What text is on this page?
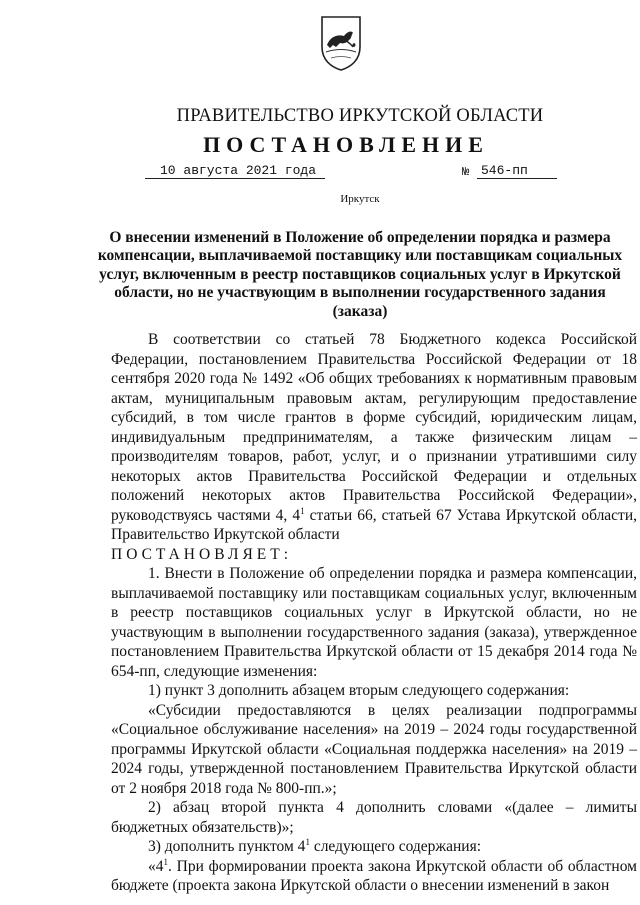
ПРАВИТЕЛЬСТВО ИРКУТСКОЙ ОБЛАСТИ
ПОСТАНОВЛЕНИЕ
10 августа 2021 года	№ 546-пп
Иркутск

О внесении изменений в Положение об определении порядка и размера компенсации, выплачиваемой поставщику или поставщикам социальных услуг, включенным в реестр поставщиков социальных услуг в Иркутской области, но не участвующим в выполнении государственного задания (заказа)

В соответствии со статьей 78 Бюджетного кодекса Российской Федерации, постановлением Правительства Российской Федерации от 18 сентября 2020 года № 1492 «Об общих требованиях к нормативным правовым актам, муниципальным правовым актам, регулирующим предоставление субсидий, в том числе грантов в форме субсидий, юридическим лицам, индивидуальным предпринимателям, а также физическим лицам – производителям товаров, работ, услуг, и о признании утратившими силу некоторых актов Правительства Российской Федерации и отдельных положений некоторых актов Правительства Российской Федерации», руководствуясь частями 4, $4^1$ статьи 66, статьей 67 Устава Иркутской области, Правительство Иркутской области

ПОСТАНОВЛЯЕТ:

1. Внести в Положение об определении порядка и размера компенсации, выплачиваемой поставщику или поставщикам социальных услуг, включенным в реестр поставщиков социальных услуг в Иркутской области, но не участвующим в выполнении государственного задания (заказа), утвержденное постановлением Правительства Иркутской области от 15 декабря 2014 года № 654-пп, следующие изменения:

1) пункт 3 дополнить абзацем вторым следующего содержания:

«Субсидии предоставляются в целях реализации подпрограммы «Социальное обслуживание населения» на 2019 – 2024 годы государственной программы Иркутской области «Социальная поддержка населения» на 2019 – 2024 годы, утвержденной постановлением Правительства Иркутской области от 2 ноября 2018 года № 800-пп.»;

2) абзац второй пункта 4 дополнить словами «(далее – лимиты бюджетных обязательств)»;

3) дополнить пунктом $4^1$ следующего содержания:

«$4^1$. При формировании проекта закона Иркутской области об областном бюджете (проекта закона Иркутской области о внесении изменений в закон
